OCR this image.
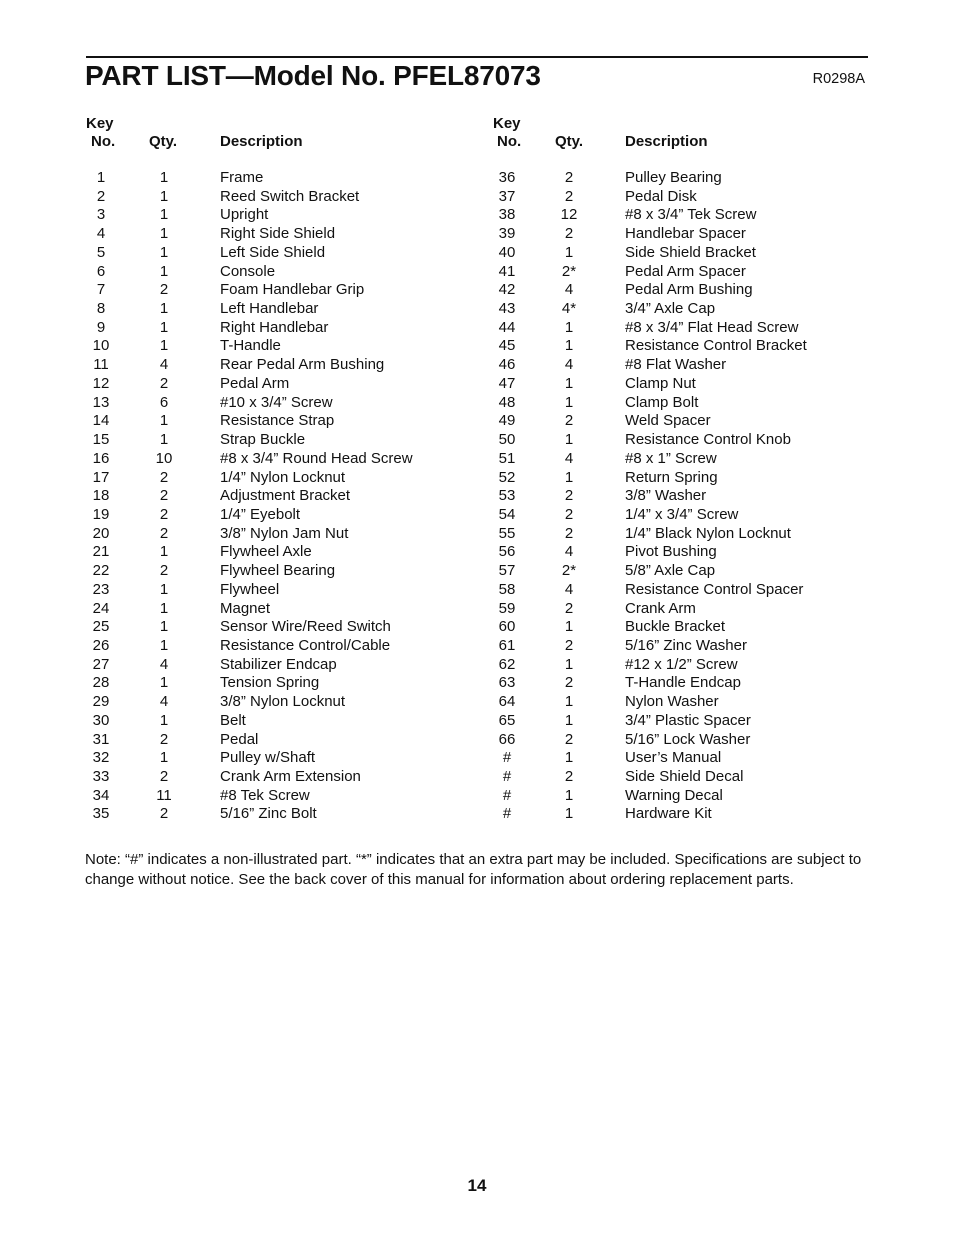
PART LIST—Model No. PFEL87073	R0298A
Key
No. Qty.	Description
Key
No. Qty.	Description
1	1	Frame
2	1	Reed Switch Bracket
3	1	Upright
4	1	Right Side Shield
5	1	Left Side Shield
6	1	Console
7	2	Foam Handlebar Grip
8	1	Left Handlebar
9	1	Right Handlebar
10	1	T-Handle
11	4	Rear Pedal Arm Bushing
12	2	Pedal Arm
13	6	#10 x 3/4” Screw
14	1	Resistance Strap
15	1	Strap Buckle
16	10	#8 x 3/4” Round Head Screw
17	2	1/4” Nylon Locknut
18	2	Adjustment Bracket
19	2	1/4” Eyebolt
20	2	3/8” Nylon Jam Nut
21	1	Flywheel Axle
22	2	Flywheel Bearing
23	1	Flywheel
24	1	Magnet
25	1	Sensor Wire/Reed Switch
26	1	Resistance Control/Cable
27	4	Stabilizer Endcap
28	1	Tension Spring
29	4	3/8” Nylon Locknut
30	1	Belt
31	2	Pedal
32	1	Pulley w/Shaft
33	2	Crank Arm Extension
34	11	#8 Tek Screw
35	2	5/16” Zinc Bolt
36	2	Pulley Bearing
37	2	Pedal Disk
38	12	#8 x 3/4” Tek Screw
39	2	Handlebar Spacer
40	1	Side Shield Bracket
41	2*	Pedal Arm Spacer
42	4	Pedal Arm Bushing
43	4*	3/4” Axle Cap
44	1	#8 x 3/4” Flat Head Screw
45	1	Resistance Control Bracket
46	4	#8 Flat Washer
47	1	Clamp Nut
48	1	Clamp Bolt
49	2	Weld Spacer
50	1	Resistance Control Knob
51	4	#8 x 1” Screw
52	1	Return Spring
53	2	3/8” Washer
54	2	1/4” x 3/4” Screw
55	2	1/4” Black Nylon Locknut
56	4	Pivot Bushing
57	2*	5/8” Axle Cap
58	4	Resistance Control Spacer
59	2	Crank Arm
60	1	Buckle Bracket
61	2	5/16” Zinc Washer
62	1	#12 x 1/2” Screw
63	2	T-Handle Endcap
64	1	Nylon Washer
65	1	3/4” Plastic Spacer
66	2	5/16” Lock Washer
#	1	User’s Manual
#	2	Side Shield Decal
#	1	Warning Decal
#	1	Hardware Kit
Note: “#” indicates a non-illustrated part. “*” indicates that an extra part may be included. Specifications are subject to change without notice. See the back cover of this manual for information about ordering replacement parts.
14
